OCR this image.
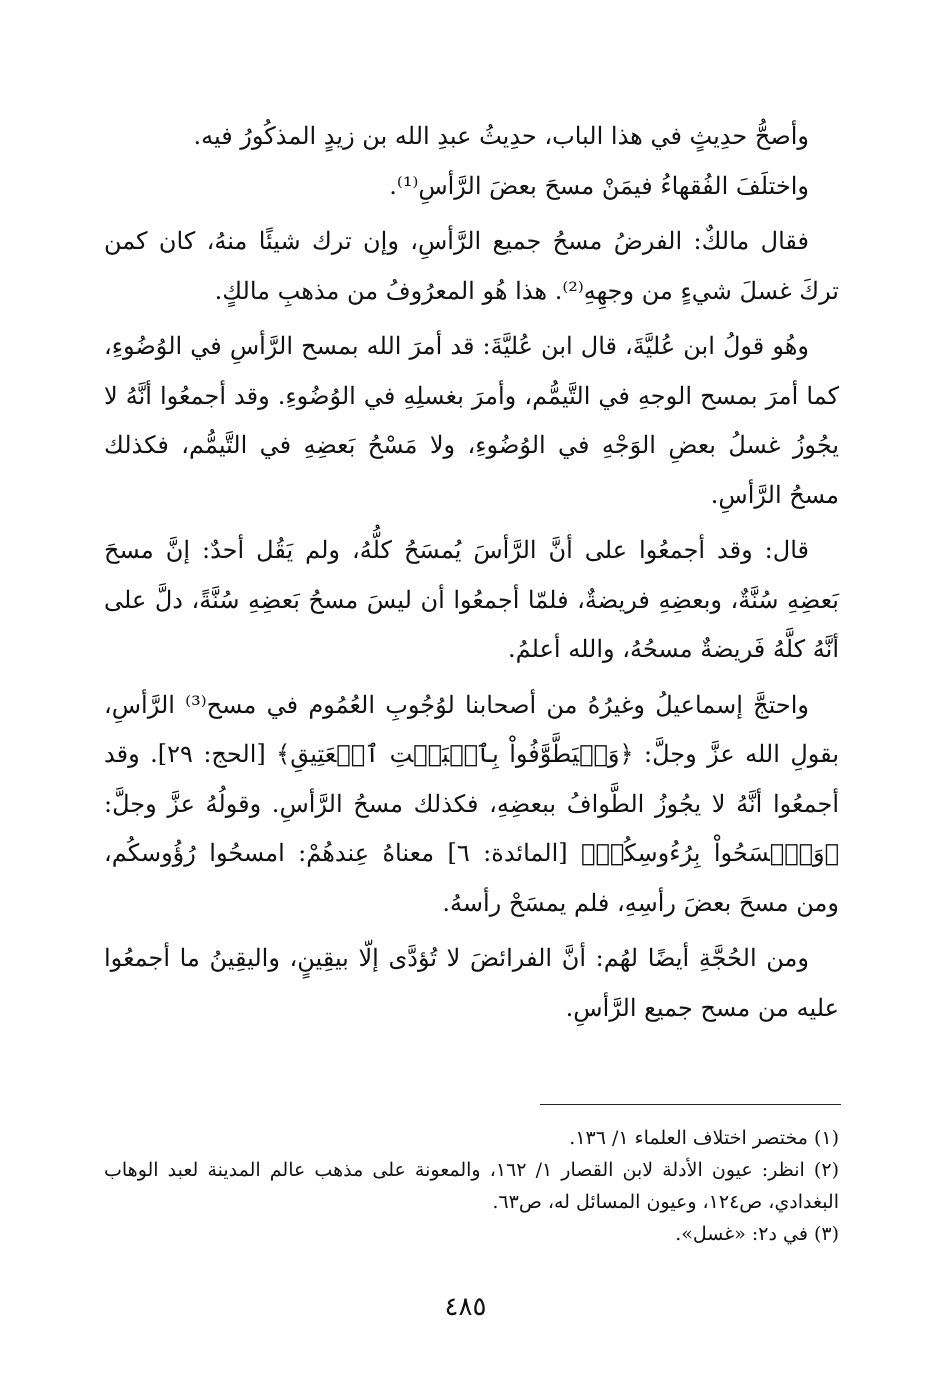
وأصحُّ حدِيثٍ في هذا الباب، حدِيثُ عبدِ الله بن زيدٍ المذكُورُ فيه.

واختلَفَ الفُقهاءُ فيمَنْ مسحَ بعضَ الرَّأسِ⁽¹⁾.

فقال مالكٌ: الفرضُ مسحُ جميع الرَّأسِ، وإن ترك شيئًا منهُ، كان كمن تركَ غسلَ شيءٍ من وجهِهِ⁽²⁾. هذا هُو المعرُوفُ من مذهبِ مالكٍ.

وهُو قولُ ابن عُليَّةَ، قال ابن عُليَّةَ: قد أمرَ الله بمسح الرَّأسِ في الوُضُوءِ، كما أمرَ بمسح الوجهِ في التَّيمُّم، وأمرَ بغسلِهِ في الوُضُوءِ. وقد أجمعُوا أنَّهُ لا يجُوزُ غسلُ بعضِ الوَجْهِ في الوُضُوءِ، ولا مَسْحُ بَعضِهِ في التَّيمُّم، فكذلك مسحُ الرَّأسِ.

قال: وقد أجمعُوا على أنَّ الرَّأسَ يُمسَحُ كلُّهُ، ولم يَقُل أحدٌ: إنَّ مسحَ بَعضِهِ سُنَّةٌ، وبعضِهِ فريضةٌ، فلمّا أجمعُوا أن ليسَ مسحُ بَعضِهِ سُنَّةً، دلَّ على أنَّهُ كلَّهُ فَريضةٌ مسحُهُ، والله أعلمُ.

واحتجَّ إسماعيلُ وغيرُهُ من أصحابنا لوُجُوبِ العُمُوم في مسح⁽³⁾ الرَّأسِ، بقولِ الله عزَّ وجلَّ: ﴿وَلۡيَطَّوَّفُواْ بِٱلۡبَيۡتِ ٱلۡعَتِيقِ﴾ [الحج: ٢٩]. وقد أجمعُوا أنَّهُ لا يجُوزُ الطَّوافُ ببعضِهِ، فكذلك مسحُ الرَّأسِ. وقولُهُ عزَّ وجلَّ: ﴿وَٱمۡسَحُواْ بِرُءُوسِكُمۡ﴾ [المائدة: ٦] معناهُ عِندهُمْ: امسحُوا رُؤُوسكُم، ومن مسحَ بعضَ رأسِهِ، فلم يمسَحْ رأسهُ.

ومن الحُجَّةِ أيضًا لهُم: أنَّ الفرائضَ لا تُؤدَّى إلّا بيقِينٍ، واليقِينُ ما أجمعُوا عليه من مسح جميع الرَّأسِ.

(١) مختصر اختلاف العلماء ١/ ١٣٦.

(٢) انظر: عيون الأدلة لابن القصار ١/ ١٦٢، والمعونة على مذهب عالم المدينة لعبد الوهاب البغدادي، ص١٢٤، وعيون المسائل له، ص٦٣.

(٣) في د٢: «غسل».

٤٨٥
